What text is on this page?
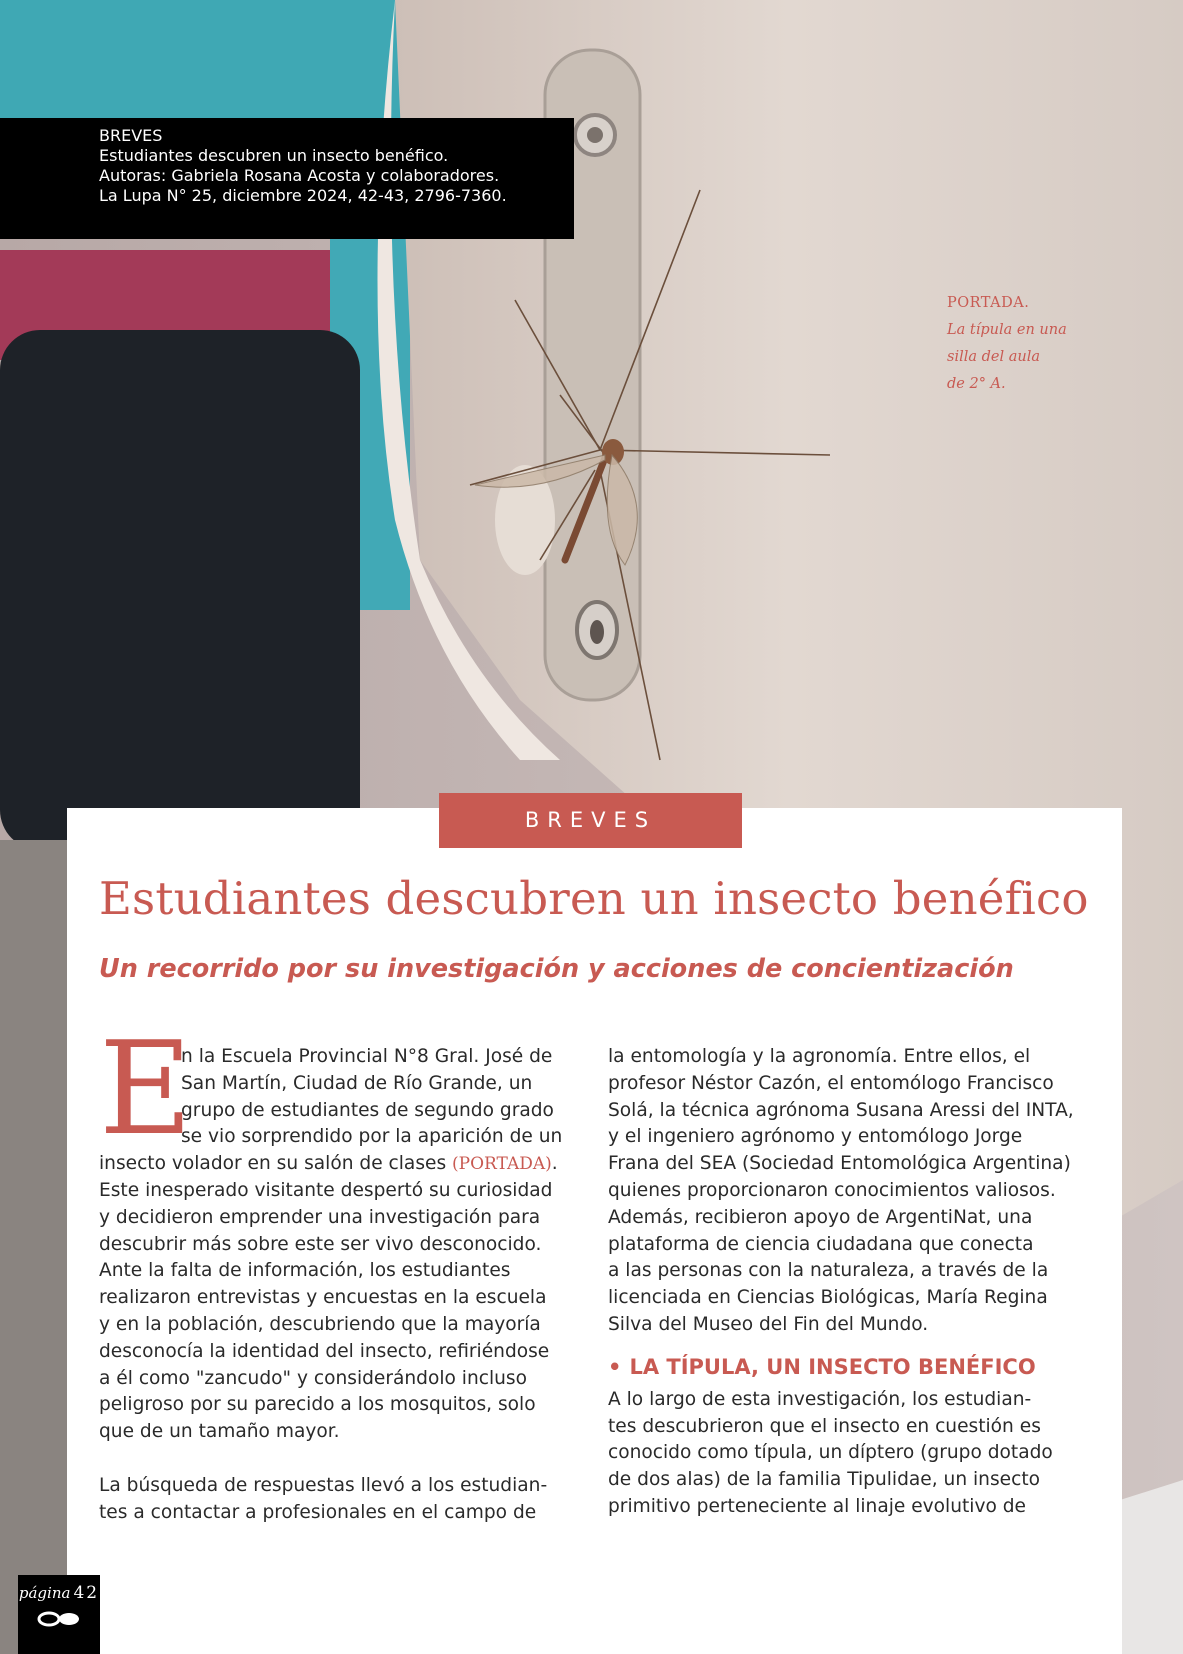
BREVES
Estudiantes descubren un insecto benéfico.
Autoras: Gabriela Rosana Acosta y colaboradores.
La Lupa N° 25, diciembre 2024, 42-43, 2796-7360.
PORTADA.
La típula en una
silla del aula
de 2° A.
BREVES
Estudiantes descubren un insecto benéfico
Un recorrido por su investigación y acciones de concientización
E
n la Escuela Provincial N°8 Gral. José de
San Martín, Ciudad de Río Grande, un
grupo de estudiantes de segundo grado
se vio sorprendido por la aparición de un
insecto volador en su salón de clases (PORTADA).
Este inesperado visitante despertó su curiosidad
y decidieron emprender una investigación para
descubrir más sobre este ser vivo desconocido.
Ante la falta de información, los estudiantes
realizaron entrevistas y encuestas en la escuela
y en la población, descubriendo que la mayoría
desconocía la identidad del insecto, refiriéndose
a él como "zancudo" y considerándolo incluso
peligroso por su parecido a los mosquitos, solo
que de un tamaño mayor.
La búsqueda de respuestas llevó a los estudian-
tes a contactar a profesionales en el campo de
la entomología y la agronomía. Entre ellos, el
profesor Néstor Cazón, el entomólogo Francisco
Solá, la técnica agrónoma Susana Aressi del INTA,
y el ingeniero agrónomo y entomólogo Jorge
Frana del SEA (Sociedad Entomológica Argentina)
quienes proporcionaron conocimientos valiosos.
Además, recibieron apoyo de ArgentiNat, una
plataforma de ciencia ciudadana que conecta
a las personas con la naturaleza, a través de la
licenciada en Ciencias Biológicas, María Regina
Silva del Museo del Fin del Mundo.
• LA TÍPULA, UN INSECTO BENÉFICO
A lo largo de esta investigación, los estudian-
tes descubrieron que el insecto en cuestión es
conocido como típula, un díptero (grupo dotado
de dos alas) de la familia Tipulidae, un insecto
primitivo perteneciente al linaje evolutivo de
página 42
